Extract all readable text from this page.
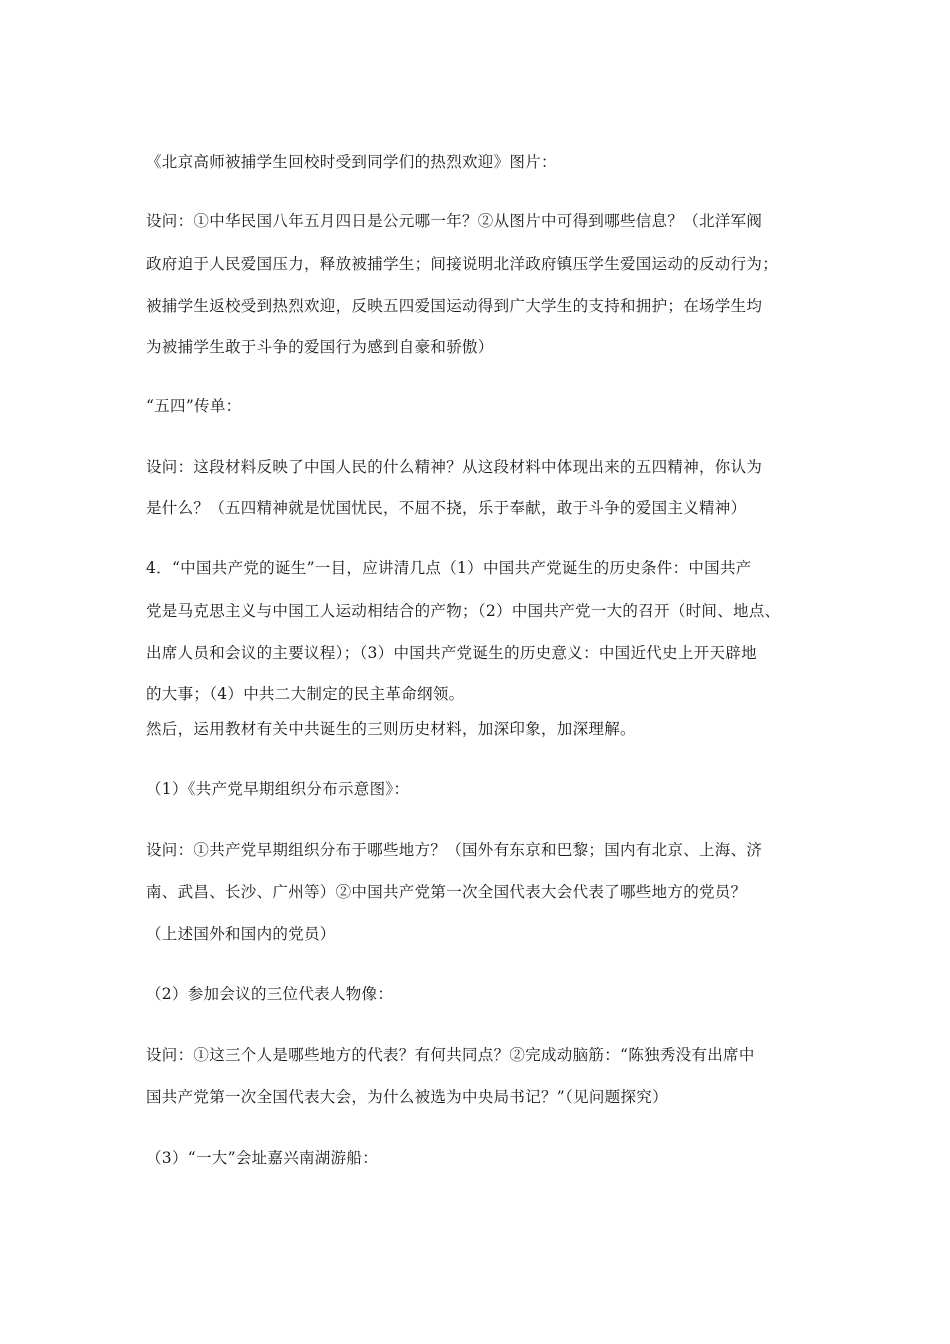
《北京高师被捕学生回校时受到同学们的热烈欢迎》图片：
设问：①中华民国八年五月四日是公元哪一年？②从图片中可得到哪些信息？（北洋军阀
政府迫于人民爱国压力，释放被捕学生；间接说明北洋政府镇压学生爱国运动的反动行为；
被捕学生返校受到热烈欢迎，反映五四爱国运动得到广大学生的支持和拥护；在场学生均
为被捕学生敢于斗争的爱国行为感到自豪和骄傲）
“五四”传单：
设问：这段材料反映了中国人民的什么精神？从这段材料中体现出来的五四精神，你认为
是什么？（五四精神就是忧国忧民，不屈不挠，乐于奉献，敢于斗争的爱国主义精神）
4．“中国共产党的诞生”一目，应讲清几点（1）中国共产党诞生的历史条件：中国共产
党是马克思主义与中国工人运动相结合的产物；（2）中国共产党一大的召开（时间、地点、
出席人员和会议的主要议程）；（3）中国共产党诞生的历史意义：中国近代史上开天辟地
的大事；（4）中共二大制定的民主革命纲领。
然后，运用教材有关中共诞生的三则历史材料，加深印象，加深理解。
（1）《共产党早期组织分布示意图》：
设问：①共产党早期组织分布于哪些地方？（国外有东京和巴黎；国内有北京、上海、济
南、武昌、长沙、广州等）②中国共产党第一次全国代表大会代表了哪些地方的党员？
（上述国外和国内的党员）
（2）参加会议的三位代表人物像：
设问：①这三个人是哪些地方的代表？有何共同点？②完成动脑筋：“陈独秀没有出席中
国共产党第一次全国代表大会，为什么被选为中央局书记？”（见问题探究）
（3）“一大”会址嘉兴南湖游船：
